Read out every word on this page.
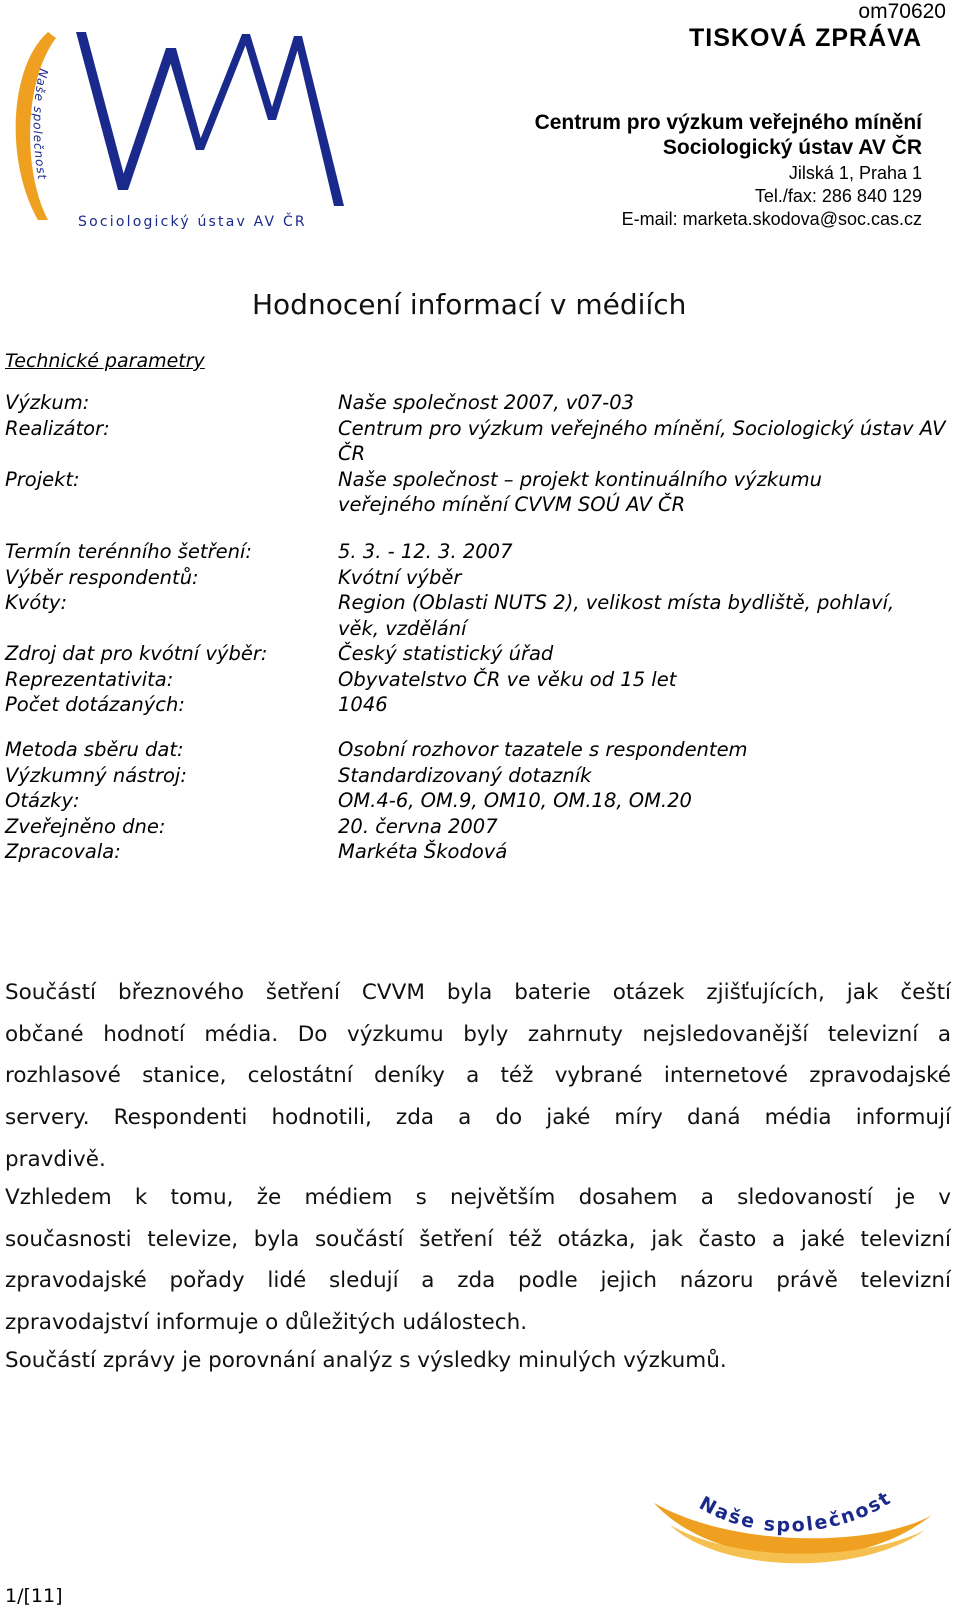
Naše společnost
Sociologický ústav AV ČR
om70620
TISKOVÁ ZPRÁVA
Centrum pro výzkum veřejného mínění
Sociologický ústav AV ČR
Jilská 1, Praha 1
Tel./fax: 286 840 129
E-mail: marketa.skodova@soc.cas.cz
Hodnocení informací v médiích
Technické parametry
Výzkum:	Naše společnost 2007, v07-03
Realizátor:	Centrum pro výzkum veřejného mínění, Sociologický ústav AV ČR
Projekt:	Naše společnost – projekt kontinuálního výzkumu veřejného mínění CVVM SOÚ AV ČR
Termín terénního šetření:	5. 3. - 12. 3. 2007
Výběr respondentů:	Kvótní výběr
Kvóty:	Region (Oblasti NUTS 2), velikost místa bydliště, pohlaví, věk, vzdělání
Zdroj dat pro kvótní výběr:	Český statistický úřad
Reprezentativita:	Obyvatelstvo ČR ve věku od 15 let
Počet dotázaných:	1046
Metoda sběru dat:	Osobní rozhovor tazatele s respondentem
Výzkumný nástroj:	Standardizovaný dotazník
Otázky:	OM.4-6, OM.9, OM10, OM.18, OM.20
Zveřejněno dne:	20. června 2007
Zpracovala:	Markéta Škodová
Součástí březnového šetření CVVM byla baterie otázek zjišťujících, jak čeští
občané hodnotí média. Do výzkumu byly zahrnuty nejsledovanější televizní a
rozhlasové stanice, celostátní deníky a též vybrané internetové zpravodajské
servery. Respondenti hodnotili, zda a do jaké míry daná média informují
pravdivě.
Vzhledem k tomu, že médiem s největším dosahem a sledovaností je v
současnosti televize, byla součástí šetření též otázka, jak často a jaké televizní
zpravodajské pořady lidé sledují a zda podle jejich názoru právě televizní
zpravodajství informuje o důležitých událostech.
Součástí zprávy je porovnání analýz s výsledky minulých výzkumů.
Naše společnost
1/[11]
